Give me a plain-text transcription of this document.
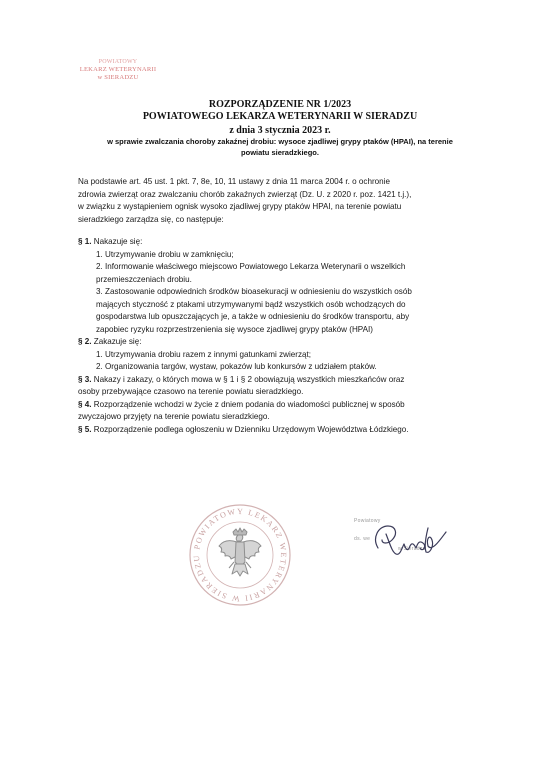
POWIATOWY
LEKARZ WETERYNARII
w SIERADZU
ROZPORZĄDZENIE NR 1/2023
POWIATOWEGO LEKARZA WETERYNARII W SIERADZU
z dnia 3 stycznia 2023 r.
w sprawie zwalczania choroby zakaźnej drobiu: wysoce zjadliwej grypy ptaków (HPAI), na terenie
powiatu sieradzkiego.
Na podstawie art. 45 ust. 1 pkt. 7, 8e, 10, 11 ustawy z dnia 11 marca 2004 r. o ochronie
zdrowia zwierząt oraz zwalczaniu chorób zakaźnych zwierząt (Dz. U. z 2020 r. poz. 1421 t.j.),
w związku z wystąpieniem ognisk wysoko zjadliwej grypy ptaków HPAI, na terenie powiatu
sieradzkiego zarządza się, co następuje:
§ 1. Nakazuje się:
1. Utrzymywanie drobiu w zamknięciu;
2. Informowanie właściwego miejscowo Powiatowego Lekarza Weterynarii o wszelkich
przemieszczeniach drobiu.
3. Zastosowanie odpowiednich środków bioasekuracji w odniesieniu do wszystkich osób
mających styczność z ptakami utrzymywanymi bądź wszystkich osób wchodzących do
gospodarstwa lub opuszczających je, a także w odniesieniu do środków transportu, aby
zapobiec ryzyku rozprzestrzenienia się wysoce zjadliwej grypy ptaków (HPAI)
§ 2. Zakazuje się:
1. Utrzymywania drobiu razem z innymi gatunkami zwierząt;
2. Organizowania targów, wystaw, pokazów lub konkursów z udziałem ptaków.
§ 3. Nakazy i zakazy, o których mowa w § 1 i § 2 obowiązują wszystkich mieszkańców oraz
osoby przebywające czasowo na terenie powiatu sieradzkiego.
§ 4. Rozporządzenie wchodzi w życie z dniem podania do wiadomości publicznej w sposób
zwyczajowo przyjęty na terenie powiatu sieradzkiego.
§ 5. Rozporządzenie podlega ogłoszeniu w Dzienniku Urzędowym Województwa Łódzkiego.
POWIATOWY LEKARZ WETERYNARII W SIERADZU
Powiatowy
ds. we
w Sieradzu
